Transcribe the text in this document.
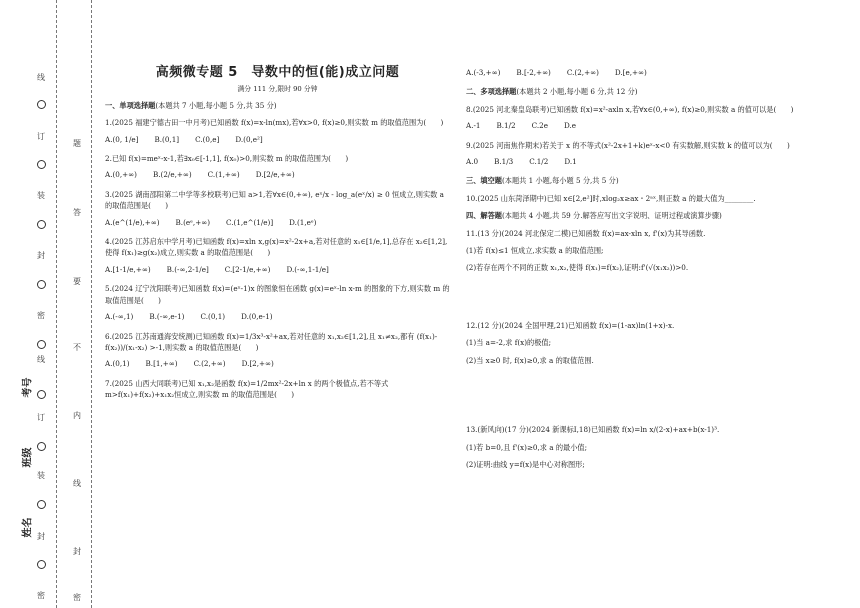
线
订
装
封
密
线
订
装
封
密
题
答
要
不
内
线
封
密
考号
班级
姓名
高频微专题 5　导数中的恒(能)成立问题
满分 111 分,限时 90 分钟

一、单项选择题(本题共 7 小题,每小题 5 分,共 35 分)

1.(2025 福建宁德古田一中月考)已知函数 f(x)=x-ln(mx),若∀x>0, f(x)≥0,则实数 m 的取值范围为(　　)

A.(0, 1/e] B.(0,1] C.(0,e] D.(0,e²]

2.已知 f(x)=meˣ-x-1,若∃x₀∈[-1,1], f(x₀)>0,则实数 m 的取值范围为(　　)

A.(0,+∞) B.(2/e,+∞) C.(1,+∞) D.[2/e,+∞)

3.(2025 湖南邵阳第二中学等多校联考)已知 a>1,若∀x∈(0,+∞), eˣ/x - log_a(eˣ/x) ≥ 0 恒成立,则实数 a 的取值范围是(　　)

A.(e^(1/e),+∞) B.(eᵉ,+∞) C.(1,e^(1/e)] D.(1,eᵉ)

4.(2025 江苏启东中学月考)已知函数 f(x)=xln x,g(x)=x²-2x+a,若对任意的 x₁∈[1/e,1],总存在 x₂∈[1,2],使得 f(x₁)≥g(x₂)成立,则实数 a 的取值范围是(　　)

A.[1-1/e,+∞) B.(-∞,2-1/e] C.[2-1/e,+∞) D.(-∞,1-1/e]

5.(2024 辽宁沈阳联考)已知函数 f(x)=(eˣ-1)x 的图象恒在函数 g(x)=eˣ-ln x-m 的图象的下方,则实数 m 的取值范围是(　　)

A.(-∞,1) B.(-∞,e-1) C.(0,1) D.(0,e-1)

6.(2025 江苏南通海安统测)已知函数 f(x)=1/3x³-x²+ax,若对任意的 x₁,x₂∈[1,2],且 x₁≠x₂,都有 (f(x₁)-f(x₂))/(x₁-x₂) >-1,则实数 a 的取值范围是(　　)

A.(0,1) B.[1,+∞) C.(2,+∞) D.[2,+∞)

7.(2025 山西大同联考)已知 x₁,x₂是函数 f(x)=1/2mx²-2x+ln x 的两个极值点,若不等式 m>f(x₁)+f(x₂)+x₁x₂恒成立,则实数 m 的取值范围是(　　)

A.(-3,+∞) B.[-2,+∞) C.(2,+∞) D.[e,+∞)

二、多项选择题(本题共 2 小题,每小题 6 分,共 12 分)

8.(2025 河北秦皇岛联考)已知函数 f(x)=x²-axln x,若∀x∈(0,+∞), f(x)≥0,则实数 a 的值可以是(　　)

A.-1 B.1/2 C.2e D.e

9.(2025 河南焦作期末)若关于 x 的不等式(x²-2x+1+k)eˣ-x<0 有实数解,则实数 k 的值可以为(　　)

A.0 B.1/3 C.1/2 D.1

三、填空题(本题共 1 小题,每小题 5 分,共 5 分)

10.(2025 山东菏泽期中)已知 x∈[2,e²]时,xlog₂x≥ax・2ᵃˣ,则正数 a 的最大值为________.

四、解答题(本题共 4 小题,共 59 分.解答应写出文字说明、证明过程或演算步骤)

11.(13 分)(2024 河北保定二模)已知函数 f(x)=ax-xln x, f'(x)为其导函数.

(1)若 f(x)≤1 恒成立,求实数 a 的取值范围;

(2)若存在两个不同的正数 x₁,x₂,使得 f(x₁)=f(x₂),证明:f'(√(x₁x₂))>0.

12.(12 分)(2024 全国甲理,21)已知函数 f(x)=(1-ax)ln(1+x)-x.

(1)当 a=-2,求 f(x)的极值;

(2)当 x≥0 时, f(x)≥0,求 a 的取值范围.

13.(新风向)(17 分)(2024 新课标Ⅰ,18)已知函数 f(x)=ln x/(2-x)+ax+b(x-1)³.

(1)若 b=0,且 f'(x)≥0,求 a 的最小值;

(2)证明:曲线 y=f(x)是中心对称图形;
